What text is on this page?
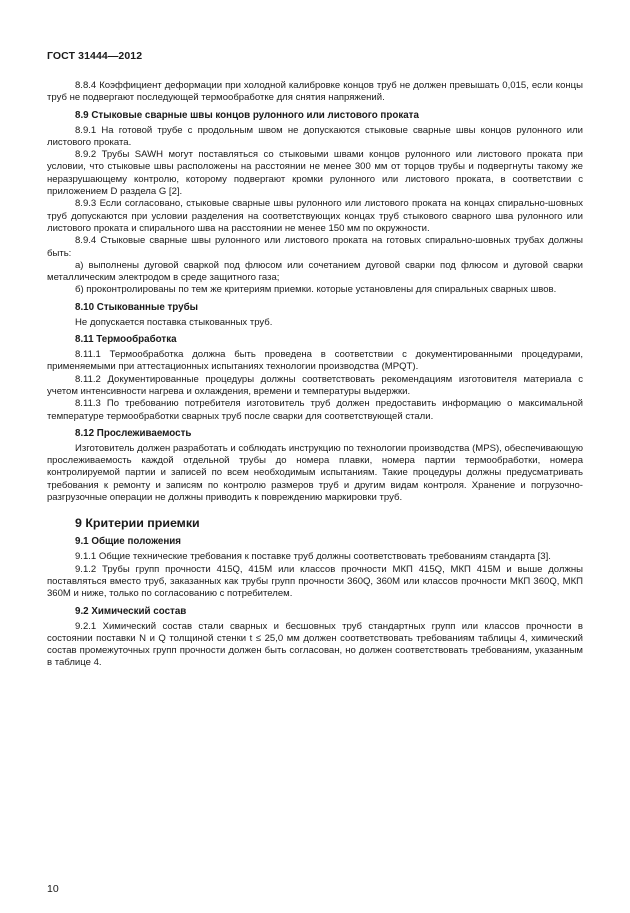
ГОСТ 31444—2012

8.8.4 Коэффициент деформации при холодной калибровке концов труб не должен превышать 0,015, если концы труб не подвергают последующей термообработке для снятия напряжений.

8.9 Стыковые сварные швы концов рулонного или листового проката

8.9.1 На готовой трубе с продольным швом не допускаются стыковые сварные швы концов рулонного или листового проката.

8.9.2 Трубы SAWH могут поставляться со стыковыми швами концов рулонного или листового проката при условии, что стыковые швы расположены на расстоянии не менее 300 мм от торцов трубы и подвергнуты такому же неразрушающему контролю, которому подвергают кромки рулонного или листового проката, в соответствии с приложением D раздела G [2].

8.9.3 Если согласовано, стыковые сварные швы рулонного или листового проката на концах спирально-шовных труб допускаются при условии разделения на соответствующих концах труб стыкового сварного шва рулонного или листового проката и спирального шва на расстоянии не менее 150 мм по окружности.

8.9.4 Стыковые сварные швы рулонного или листового проката на готовых спирально-шовных трубах должны быть:

а) выполнены дуговой сваркой под флюсом или сочетанием дуговой сварки под флюсом и дуговой сварки металлическим электродом в среде защитного газа;

б) проконтролированы по тем же критериям приемки. которые установлены для спиральных сварных швов.

8.10 Стыкованные трубы

Не допускается поставка стыкованных труб.

8.11 Термообработка

8.11.1 Термообработка должна быть проведена в соответствии с документированными процедурами, применяемыми при аттестационных испытаниях технологии производства (MPQT).

8.11.2 Документированные процедуры должны соответствовать рекомендациям изготовителя материала с учетом интенсивности нагрева и охлаждения, времени и температуры выдержки.

8.11.3 По требованию потребителя изготовитель труб должен предоставить информацию о максимальной температуре термообработки сварных труб после сварки для соответствующей стали.

8.12 Прослеживаемость

Изготовитель должен разработать и соблюдать инструкцию по технологии производства (MPS), обеспечивающую прослеживаемость каждой отдельной трубы до номера плавки, номера партии термообработки, номера контролируемой партии и записей по всем необходимым испытаниям. Такие процедуры должны предусматривать требования к ремонту и записям по контролю размеров труб и другим видам контроля. Хранение и погрузочно-разгрузочные операции не должны приводить к повреждению маркировки труб.

9 Критерии приемки
9.1 Общие положения

9.1.1 Общие технические требования к поставке труб должны соответствовать требованиям стандарта [3].

9.1.2 Трубы групп прочности 415Q, 415M или классов прочности МКП 415Q, МКП 415M и выше должны поставляться вместо труб, заказанных как трубы групп прочности 360Q, 360M или классов прочности МКП 360Q, МКП 360M и ниже, только по согласованию с потребителем.

9.2 Химический состав

9.2.1 Химический состав стали сварных и бесшовных труб стандартных групп или классов прочности в состоянии поставки N и Q толщиной стенки t ≤ 25,0 мм должен соответствовать требованиям таблицы 4, химический состав промежуточных групп прочности должен быть согласован, но должен соответствовать требованиям, указанным в таблице 4.

10
